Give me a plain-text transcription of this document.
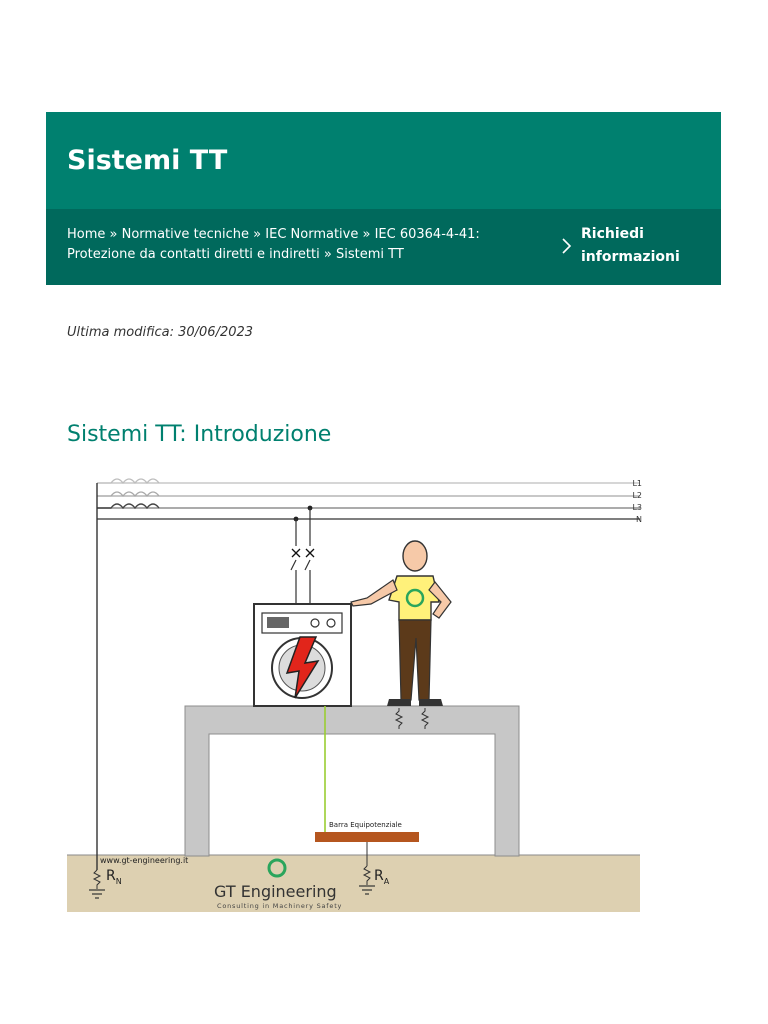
Sistemi TT
Home » Normative tecniche » IEC Normative » IEC 60364-4-41: Protezione da contatti diretti e indiretti » Sistemi TT
Richiedi informazioni
Ultima modifica: 30/06/2023
Sistemi TT: Introduzione
L1
L2
L3
N
Barra Equipotenziale
$R_A$
$R_N$
www.gt-engineering.it
GT Engineering
Consulting in Machinery Safety
